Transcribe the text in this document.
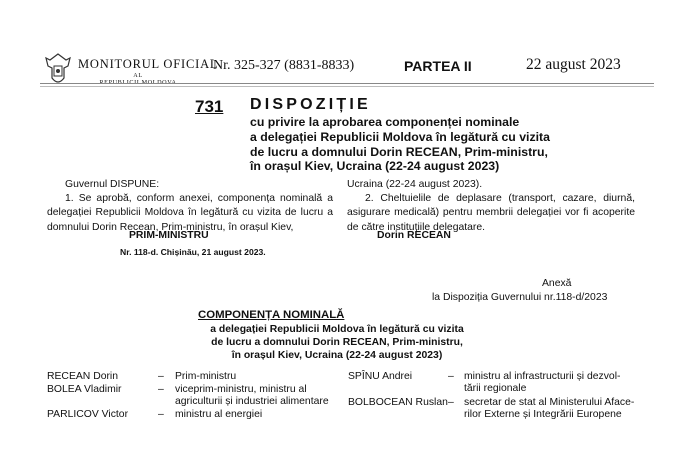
MONITORUL OFICIAL
AL
Nr. 325-327 (8831-8833)	PARTEA II	22 august 2023
731 DISPOZIȚIE
cu privire la aprobarea componenței nominale
a delegației Republicii Moldova în legătură cu vizita
de lucru a domnului Dorin RECEAN, Prim-ministru,
în orașul Kiev, Ucraina (22-24 august 2023)
Guvernul DISPUNE:
1. Se aprobă, conform anexei, componența nominală a delegației Republicii Moldova în legătură cu vizita de lucru a domnului Dorin Recean, Prim-ministru, în orașul Kiev,
Ucraina (22-24 august 2023).
2. Cheltuielile de deplasare (transport, cazare, diurnă, asigurare medicală) pentru membrii delegației vor fi acoperite de către instituțiile delegatare.
PRIM-MINISTRU	Dorin RECEAN
Nr. 118-d. Chișinău, 21 august 2023.
Anexă
la Dispoziția Guvernului nr.118-d/2023
COMPONENȚA NOMINALĂ
a delegației Republicii Moldova în legătură cu vizita
de lucru a domnului Dorin RECEAN, Prim-ministru,
în orașul Kiev, Ucraina (22-24 august 2023)
RECEAN Dorin	– Prim-ministru
BOLEA Vladimir	– viceprim-ministru, ministru al
agriculturii și industriei alimentare
PARLICOV Victor	– ministru al energiei
SPÎNU Andrei	– ministru al infrastructurii și dezvol-
tării regionale
BOLBOCEAN Ruslan – secretar de stat al Ministerului Aface-
rilor Externe și Integrării Europene
